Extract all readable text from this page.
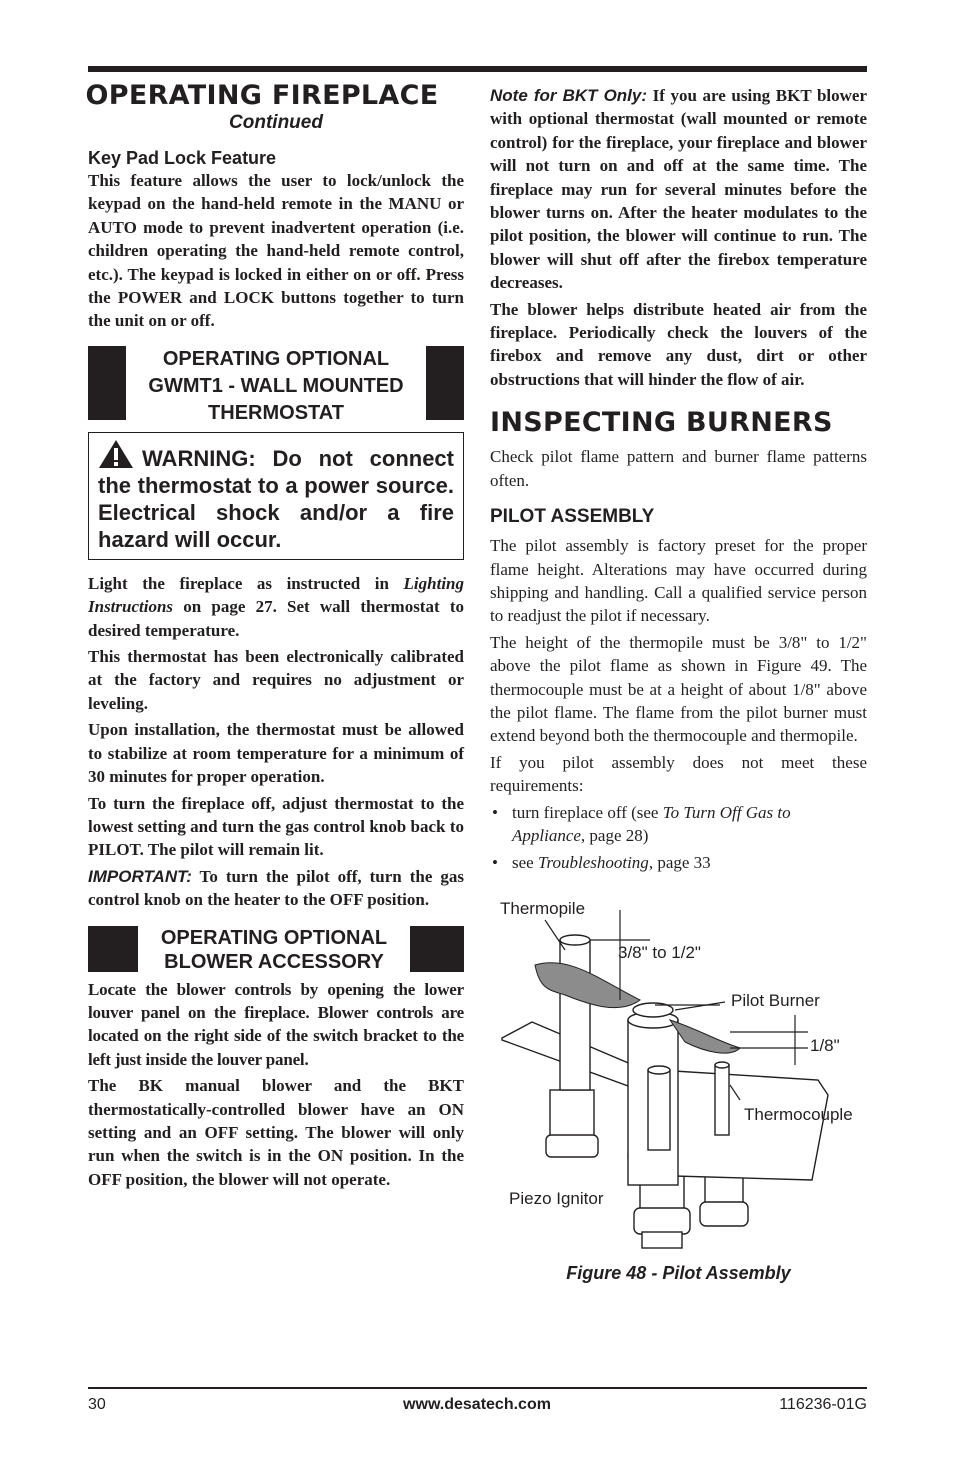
OPERATING FIREPLACE
Continued
Key Pad Lock Feature

This feature allows the user to lock/unlock the keypad on the hand-held remote in the MANU or AUTO mode to prevent inadvertent operation (i.e. children operating the hand-held remote control, etc.). The keypad is locked in either on or off. Press the POWER and LOCK buttons together to turn the unit on or off.

OPERATING OPTIONAL
GWMT1 - WALL MOUNTED
THERMOSTAT

WARNING: Do not connect the thermostat to a power source. Electrical shock and/or a fire hazard will occur.

Light the fireplace as instructed in Lighting Instructions on page 27. Set wall thermostat to desired temperature.

This thermostat has been electronically calibrated at the factory and requires no adjustment or leveling.

Upon installation, the thermostat must be allowed to stabilize at room temperature for a minimum of 30 minutes for proper operation.

To turn the fireplace off, adjust thermostat to the lowest setting and turn the gas control knob back to PILOT. The pilot will remain lit.

IMPORTANT: To turn the pilot off, turn the gas control knob on the heater to the OFF position.

OPERATING OPTIONAL
BLOWER ACCESSORY

Locate the blower controls by opening the lower louver panel on the fireplace. Blower controls are located on the right side of the switch bracket to the left just inside the louver panel.

The BK manual blower and the BKT thermostatically-controlled blower have an ON setting and an OFF setting. The blower will only run when the switch is in the ON position. In the OFF position, the blower will not operate.

Note for BKT Only: If you are using BKT blower with optional thermostat (wall mounted or remote control) for the fireplace, your fireplace and blower will not turn on and off at the same time. The fireplace may run for several minutes before the blower turns on. After the heater modulates to the pilot position, the blower will continue to run. The blower will shut off after the firebox temperature decreases.

The blower helps distribute heated air from the fireplace. Periodically check the louvers of the firebox and remove any dust, dirt or other obstructions that will hinder the flow of air.

INSPECTING BURNERS

Check pilot flame pattern and burner flame patterns often.

PILOT ASSEMBLY

The pilot assembly is factory preset for the proper flame height. Alterations may have occurred during shipping and handling. Call a qualified service person to readjust the pilot if necessary.

The height of the thermopile must be 3/8" to 1/2" above the pilot flame as shown in Figure 49. The thermocouple must be at a height of about 1/8" above the pilot flame. The flame from the pilot burner must extend beyond both the thermocouple and thermopile.

If you pilot assembly does not meet these requirements:

• turn fireplace off (see To Turn Off Gas to Appliance, page 28)
• see Troubleshooting, page 33
Thermopile
3/8" to 1/2"
Pilot Burner
1/8"
Thermocouple
Piezo Ignitor
Figure 48 - Pilot Assembly
30	www.desatech.com	116236-01G
